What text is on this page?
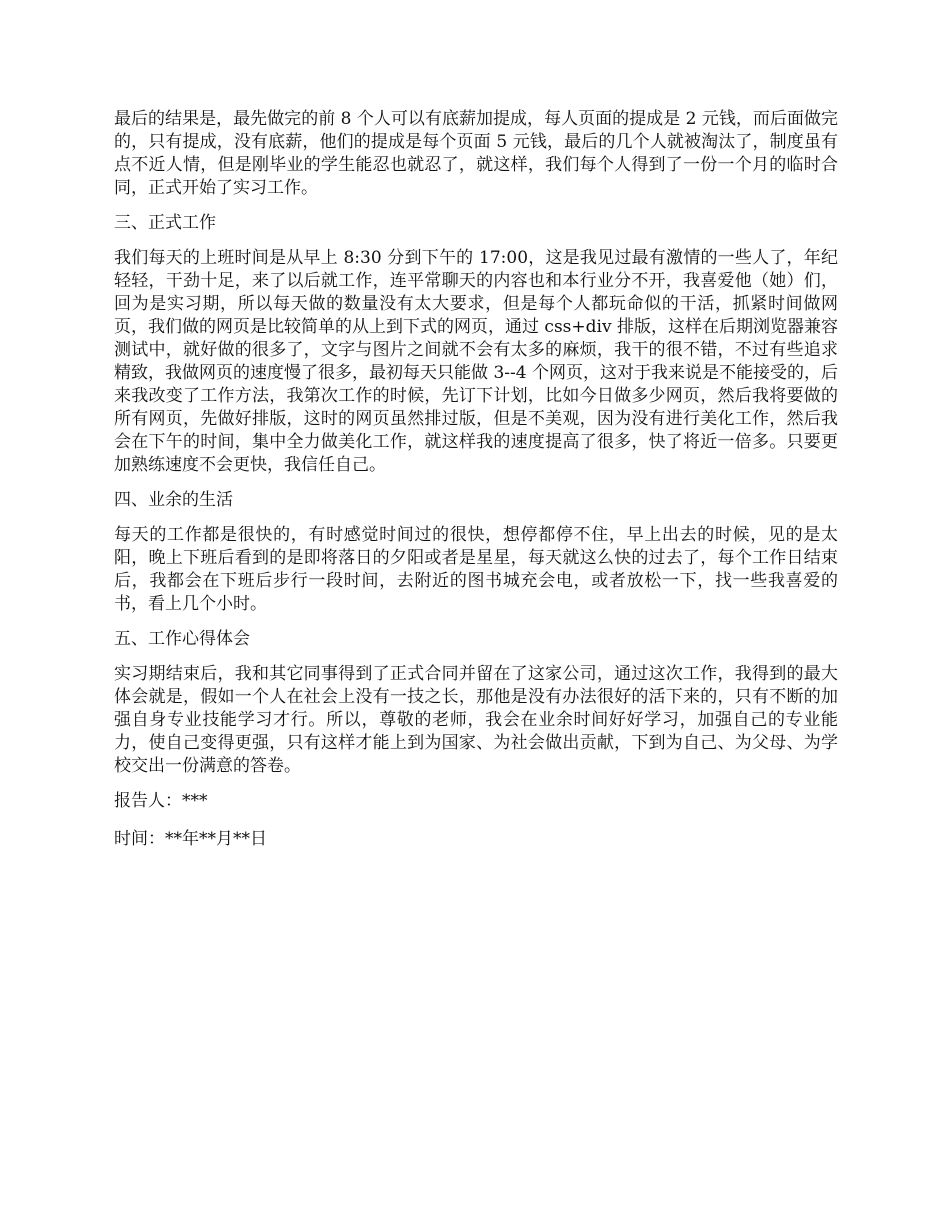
最后的结果是，最先做完的前 8 个人可以有底薪加提成，每人页面的提成是 2 元钱，而后面做完的，只有提成，没有底薪，他们的提成是每个页面 5 元钱，最后的几个人就被淘汰了，制度虽有点不近人情，但是刚毕业的学生能忍也就忍了，就这样，我们每个人得到了一份一个月的临时合同，正式开始了实习工作。

三、正式工作

我们每天的上班时间是从早上 8:30 分到下午的 17:00，这是我见过最有激情的一些人了，年纪轻轻，干劲十足，来了以后就工作，连平常聊天的内容也和本行业分不开，我喜爱他（她）们，回为是实习期，所以每天做的数量没有太大要求，但是每个人都玩命似的干活，抓紧时间做网页，我们做的网页是比较简单的从上到下式的网页，通过 css+div 排版，这样在后期浏览器兼容测试中，就好做的很多了，文字与图片之间就不会有太多的麻烦，我干的很不错，不过有些追求精致，我做网页的速度慢了很多，最初每天只能做 3--4 个网页，这对于我来说是不能接受的，后来我改变了工作方法，我第次工作的时候，先订下计划，比如今日做多少网页，然后我将要做的所有网页，先做好排版，这时的网页虽然排过版，但是不美观，因为没有进行美化工作，然后我会在下午的时间，集中全力做美化工作，就这样我的速度提高了很多，快了将近一倍多。只要更加熟练速度不会更快，我信任自己。

四、业余的生活

每天的工作都是很快的，有时感觉时间过的很快，想停都停不住，早上出去的时候，见的是太阳，晚上下班后看到的是即将落日的夕阳或者是星星，每天就这么快的过去了，每个工作日结束后，我都会在下班后步行一段时间，去附近的图书城充会电，或者放松一下，找一些我喜爱的书，看上几个小时。

五、工作心得体会

实习期结束后，我和其它同事得到了正式合同并留在了这家公司，通过这次工作，我得到的最大体会就是，假如一个人在社会上没有一技之长，那他是没有办法很好的活下来的，只有不断的加强自身专业技能学习才行。所以，尊敬的老师，我会在业余时间好好学习，加强自己的专业能力，使自己变得更强，只有这样才能上到为国家、为社会做出贡献，下到为自己、为父母、为学校交出一份满意的答卷。

报告人：***

时间：**年**月**日
